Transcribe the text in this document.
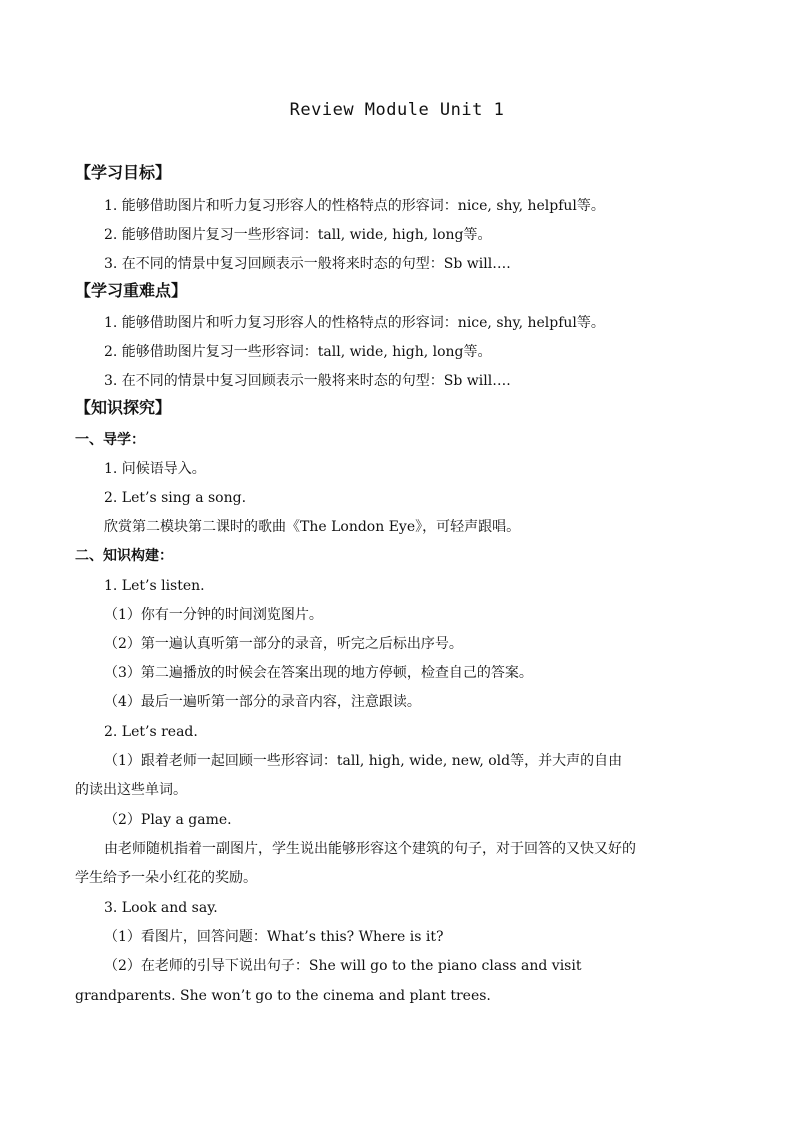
Review Module Unit 1
【学习目标】
1. 能够借助图片和听力复习形容人的性格特点的形容词：nice, shy, helpful等。
2. 能够借助图片复习一些形容词：tall, wide, high, long等。
3. 在不同的情景中复习回顾表示一般将来时态的句型：Sb will….
【学习重难点】
1. 能够借助图片和听力复习形容人的性格特点的形容词：nice, shy, helpful等。
2. 能够借助图片复习一些形容词：tall, wide, high, long等。
3. 在不同的情景中复习回顾表示一般将来时态的句型：Sb will….
【知识探究】
一、导学：
1. 问候语导入。
2. Let’s sing a song.
欣赏第二模块第二课时的歌曲《The London Eye》，可轻声跟唱。
二、知识构建：
1. Let’s listen.
（1）你有一分钟的时间浏览图片。
（2）第一遍认真听第一部分的录音，听完之后标出序号。
（3）第二遍播放的时候会在答案出现的地方停顿，检查自己的答案。
（4）最后一遍听第一部分的录音内容，注意跟读。
2. Let’s read.
（1）跟着老师一起回顾一些形容词：tall, high, wide, new, old等，并大声的自由
的读出这些单词。
（2）Play a game.
由老师随机指着一副图片，学生说出能够形容这个建筑的句子，对于回答的又快又好的
学生给予一朵小红花的奖励。
3. Look and say.
（1）看图片，回答问题：What’s this? Where is it?
（2）在老师的引导下说出句子：She will go to the piano class and visit
grandparents. She won’t go to the cinema and plant trees.
